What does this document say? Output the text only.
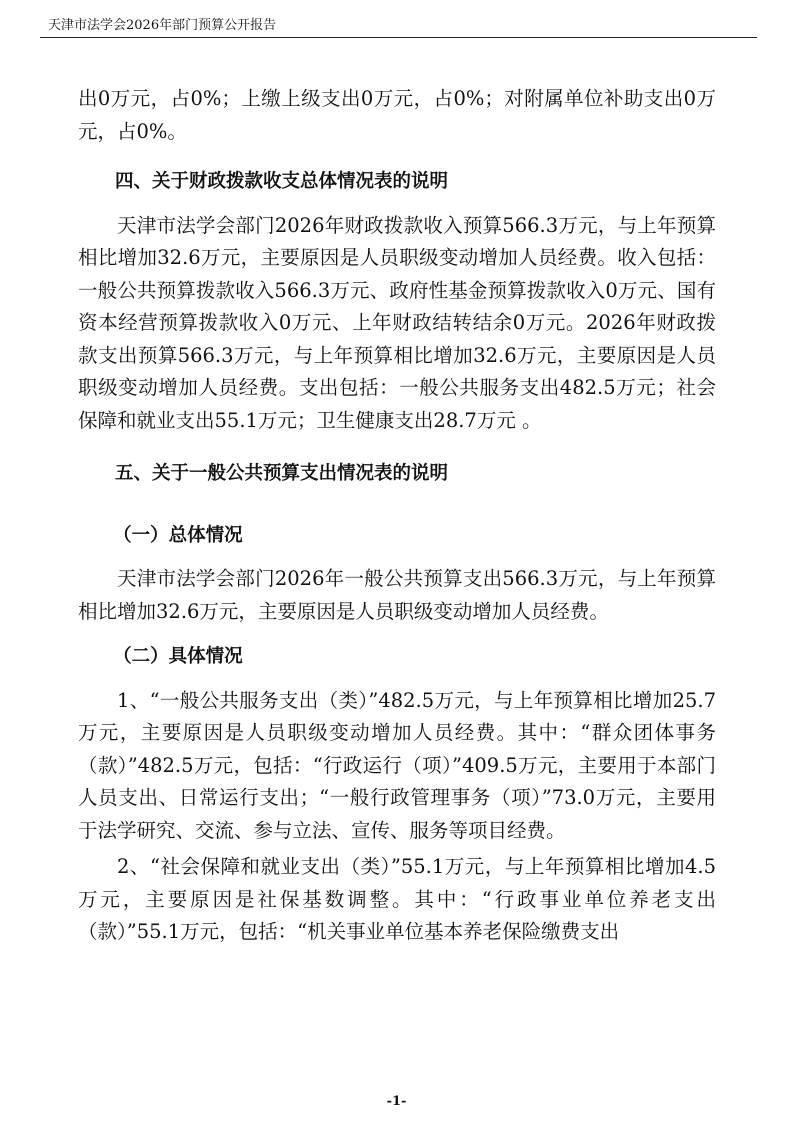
天津市法学会2026年部门预算公开报告

出0万元，占0%；上缴上级支出0万元，占0%；对附属单位补助支出0万元，占0%。

四、关于财政拨款收支总体情况表的说明

天津市法学会部门2026年财政拨款收入预算566.3万元，与上年预算相比增加32.6万元，主要原因是人员职级变动增加人员经费。收入包括：一般公共预算拨款收入566.3万元、政府性基金预算拨款收入0万元、国有资本经营预算拨款收入0万元、上年财政结转结余0万元。2026年财政拨款支出预算566.3万元，与上年预算相比增加32.6万元，主要原因是人员职级变动增加人员经费。支出包括：一般公共服务支出482.5万元；社会保障和就业支出55.1万元；卫生健康支出28.7万元 。

五、关于一般公共预算支出情况表的说明

（一）总体情况

天津市法学会部门2026年一般公共预算支出566.3万元，与上年预算相比增加32.6万元，主要原因是人员职级变动增加人员经费。

（二）具体情况

1、“一般公共服务支出（类）”482.5万元，与上年预算相比增加25.7万元，主要原因是人员职级变动增加人员经费。其中：“群众团体事务（款）”482.5万元，包括：“行政运行（项）”409.5万元，主要用于本部门人员支出、日常运行支出；“一般行政管理事务（项）”73.0万元，主要用于法学研究、交流、参与立法、宣传、服务等项目经费。

2、“社会保障和就业支出（类）”55.1万元，与上年预算相比增加4.5万元，主要原因是社保基数调整。其中：“行政事业单位养老支出（款）”55.1万元，包括：“机关事业单位基本养老保险缴费支出

-1-
